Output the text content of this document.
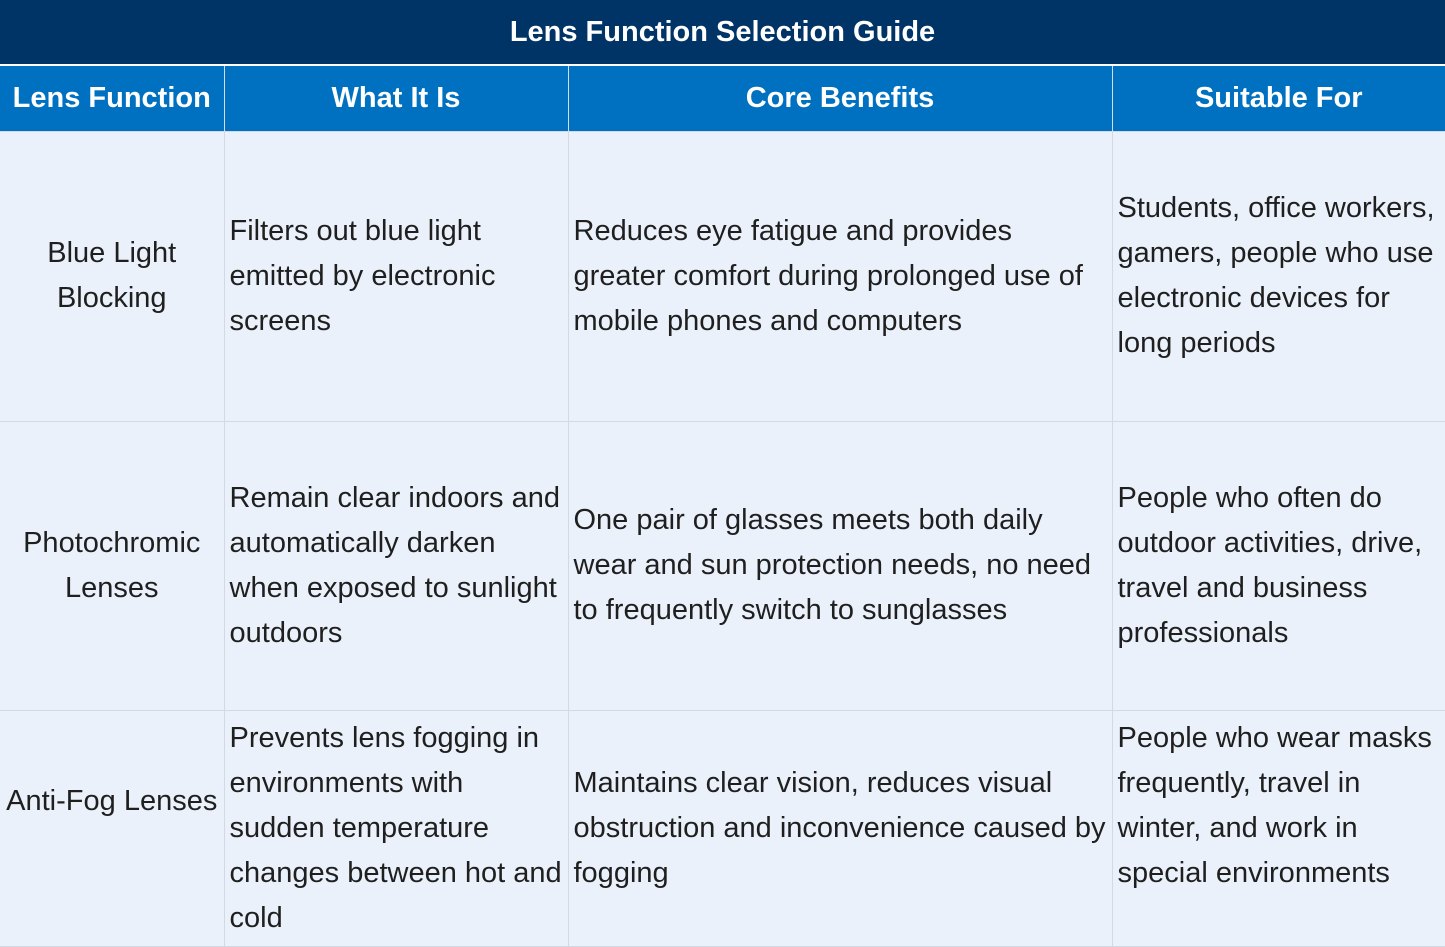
Lens Function Selection Guide			
Lens Function	What It Is	Core Benefits	Suitable For
Blue Light Blocking	Filters out blue light emitted by electronic screens	Reduces eye fatigue and provides greater comfort during prolonged use of mobile phones and computers	Students, office workers, gamers, people who use electronic devices for long periods
Photochromic Lenses	Remain clear indoors and automatically darken when exposed to sunlight outdoors	One pair of glasses meets both daily wear and sun protection needs, no need to frequently switch to sunglasses	People who often do outdoor activities, drive, travel and business professionals

Anti-Fog Lenses	Prevents lens fogging in environments with sudden temperature changes between hot and cold	Maintains clear vision, reduces visual obstruction and inconvenience caused by fogging	People who wear masks frequently, travel in winter, and work in special environments
